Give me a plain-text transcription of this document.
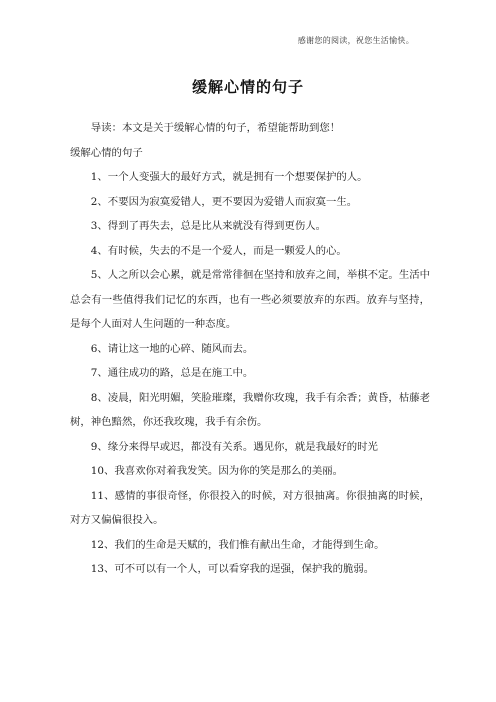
感谢您的阅读，祝您生活愉快。
缓解心情的句子

导读：本文是关于缓解心情的句子，希望能帮助到您！

缓解心情的句子

1、一个人变强大的最好方式，就是拥有一个想要保护的人。

2、不要因为寂寞爱错人，更不要因为爱错人而寂寞一生。

3、得到了再失去，总是比从来就没有得到更伤人。

4、有时候，失去的不是一个爱人，而是一颗爱人的心。

5、人之所以会心累，就是常常徘徊在坚持和放弃之间，举棋不定。生活中总会有一些值得我们记忆的东西，也有一些必须要放弃的东西。放弃与坚持，是每个人面对人生问题的一种态度。

6、请让这一地的心碎、随风而去。

7、通往成功的路，总是在施工中。

8、凌晨，阳光明媚，笑脸璀璨，我赠你玫瑰，我手有余香；黄昏，枯藤老树，神色黯然，你还我玫瑰，我手有余伤。

9、缘分来得早或迟，都没有关系。遇见你，就是我最好的时光

10、我喜欢你对着我发笑。因为你的笑是那么的美丽。

11、感情的事很奇怪，你很投入的时候，对方很抽离。你很抽离的时候，对方又偏偏很投入。

12、我们的生命是天赋的，我们惟有献出生命，才能得到生命。

13、可不可以有一个人，可以看穿我的逞强，保护我的脆弱。
